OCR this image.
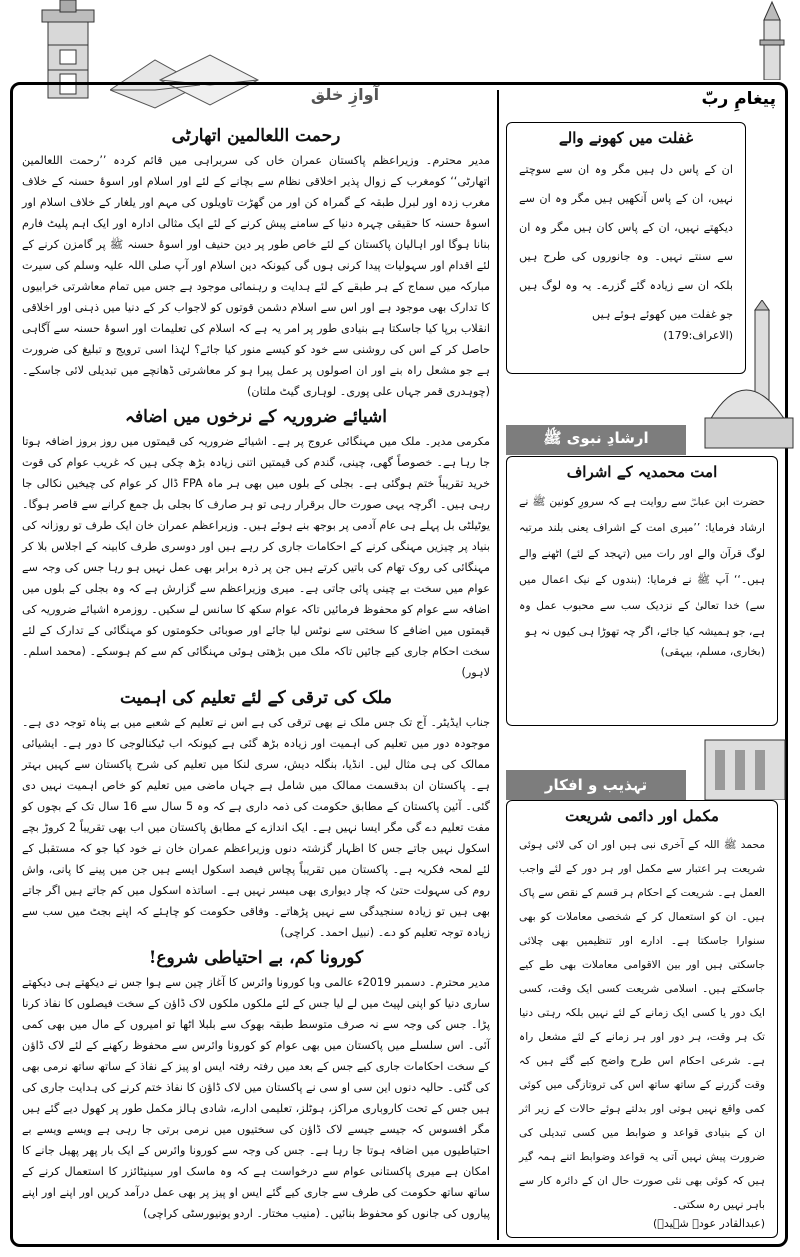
آوازِ خلق
رحمت اللعالمین اتھارٹی

مدیر محترم۔ وزیراعظم پاکستان عمران خاں کی سربراہی میں قائم کردہ ’’رحمت اللعالمین اتھارٹی‘‘ کومغرب کے زوال پذیر اخلاقی نظام سے بچانے کے لئے اور اسلام اور اسوۂ حسنہ کے خلاف مغرب زدہ اور لبرل طبقہ کے گمراہ کن اور من گھڑت تاویلوں کی مہم اور یلغار کے خلاف اسلام اور اسوۂ حسنہ کا حقیقی چہرہ دنیا کے سامنے پیش کرنے کے لئے ایک مثالی ادارہ اور ایک اہم پلیٹ فارم بنانا ہوگا اور اہالیان پاکستان کے لئے خاص طور پر دین حنیف اور اسوۂ حسنہ ﷺ پر گامزن کرنے کے لئے اقدام اور سہولیات پیدا کرنی ہوں گی کیونکہ دین اسلام اور آپ صلی اللہ علیہ وسلم کی سیرت مبارکہ میں سماج کے ہر طبقے کے لئے ہدایت و رہنمائی موجود ہے جس میں تمام معاشرتی خرابیوں کا تدارک بھی موجود ہے اور اس سے اسلام دشمن قوتوں کو لاجواب کر کے دنیا میں ذہنی اور اخلاقی انقلاب برپا کیا جاسکتا ہے بنیادی طور پر امر یہ ہے کہ اسلام کی تعلیمات اور اسوۂ حسنہ سے آگاہی حاصل کر کے اس کی روشنی سے خود کو کیسے منور کیا جائے؟ لہٰذا اسی ترویج و تبلیغ کی ضرورت ہے جو مشعل راہ بنے اور ان اصولوں پر عمل پیرا ہو کر معاشرتی ڈھانچے میں تبدیلی لائی جاسکے۔ (چوہدری قمر جہاں علی پوری۔ لوہاری گیٹ ملتان)

اشیائے ضروریہ کے نرخوں میں اضافہ

مکرمی مدیر۔ ملک میں مہنگائی عروج پر ہے۔ اشیائے ضروریہ کی قیمتوں میں روز بروز اضافہ ہوتا جا رہا ہے۔ خصوصاً گھی، چینی، گندم کی قیمتیں اتنی زیادہ بڑھ چکی ہیں کہ غریب عوام کی قوت خرید تقریباً ختم ہوگئی ہے۔ بجلی کے بلوں میں بھی ہر ماہ FPA ڈال کر عوام کی چیخیں نکالی جا رہی ہیں۔ اگرچہ یہی صورت حال برقرار رہی تو ہر صارف کا بجلی بل جمع کرانے سے قاصر ہوگا۔ یوٹیلٹی بل پہلے ہی عام آدمی پر بوجھ بنے ہوئے ہیں۔ وزیراعظم عمران خان ایک طرف تو روزانہ کی بنیاد پر چیزیں مہنگی کرنے کے احکامات جاری کر رہے ہیں اور دوسری طرف کابینہ کے اجلاس بلا کر مہنگائی کی روک تھام کی باتیں کرتے ہیں جن پر ذرہ برابر بھی عمل نہیں ہو رہا جس کی وجہ سے عوام میں سخت بے چینی پائی جاتی ہے۔ میری وزیراعظم سے گزارش ہے کہ وہ بجلی کے بلوں میں اضافہ سے عوام کو محفوظ فرمائیں تاکہ عوام سکھ کا سانس لے سکیں۔ روزمرہ اشیائے ضروریہ کی قیمتوں میں اضافے کا سختی سے نوٹس لیا جائے اور صوبائی حکومتوں کو مہنگائی کے تدارک کے لئے سخت احکام جاری کیے جائیں تاکہ ملک میں بڑھتی ہوئی مہنگائی کم سے کم ہوسکے۔ (محمد اسلم۔ لاہور)

ملک کی ترقی کے لئے تعلیم کی اہمیت

جناب ایڈیٹر۔ آج تک جس ملک نے بھی ترقی کی ہے اس نے تعلیم کے شعبے میں بے پناہ توجہ دی ہے۔ موجودہ دور میں تعلیم کی اہمیت اور زیادہ بڑھ گئی ہے کیونکہ اب ٹیکنالوجی کا دور ہے۔ ایشیائی ممالک کی ہی مثال لیں۔ انڈیا، بنگلہ دیش، سری لنکا میں تعلیم کی شرح پاکستان سے کہیں بہتر ہے۔ پاکستان ان بدقسمت ممالک میں شامل ہے جہاں ماضی میں تعلیم کو خاص اہمیت نہیں دی گئی۔ آئین پاکستان کے مطابق حکومت کی ذمہ داری ہے کہ وہ 5 سال سے 16 سال تک کے بچوں کو مفت تعلیم دے گی مگر ایسا نہیں ہے۔ ایک اندازے کے مطابق پاکستان میں اب بھی تقریباً 2 کروڑ بچے اسکول نہیں جاتے جس کا اظہار گزشتہ دنوں وزیراعظم عمران خان نے خود کیا جو کہ مستقبل کے لئے لمحہ فکریہ ہے۔ پاکستان میں تقریباً پچاس فیصد اسکول ایسے ہیں جن میں پینے کا پانی، واش روم کی سہولت حتیٰ کہ چار دیواری بھی میسر نہیں ہے۔ اساتذہ اسکول میں کم جاتے ہیں اگر جاتے بھی ہیں تو زیادہ سنجیدگی سے نہیں پڑھاتے۔ وفاقی حکومت کو چاہئے کہ اپنے بجٹ میں سب سے زیادہ توجہ تعلیم کو دے۔ (نبیل احمد۔ کراچی)

کورونا کم، بے احتیاطی شروع!

مدیر محترم۔ دسمبر 2019ء عالمی وبا کورونا وائرس کا آغاز چین سے ہوا جس نے دیکھتے ہی دیکھتے ساری دنیا کو اپنی لپیٹ میں لے لیا جس کے لئے ملکوں ملکوں لاک ڈاؤن کے سخت فیصلوں کا نفاذ کرنا پڑا۔ جس کی وجہ سے نہ صرف متوسط طبقہ بھوک سے بلبلا اٹھا تو امیروں کے مال میں بھی کمی آئی۔ اس سلسلے میں پاکستان میں بھی عوام کو کورونا وائرس سے محفوظ رکھنے کے لئے لاک ڈاؤن کے سخت احکامات جاری کیے جس کے بعد میں رفتہ رفتہ ایس او پیز کے نفاذ کے ساتھ ساتھ نرمی بھی کی گئی۔ حالیہ دنوں این سی او سی نے پاکستان میں لاک ڈاؤن کا نفاذ ختم کرنے کی ہدایت جاری کی ہیں جس کے تحت کاروباری مراکز، ہوٹلز، تعلیمی ادارے، شادی ہالز مکمل طور پر کھول دیے گئے ہیں مگر افسوس کہ جیسے جیسے لاک ڈاؤن کی سختیوں میں نرمی برتی جا رہی ہے ویسے ویسے بے احتیاطیوں میں اضافہ ہوتا جا رہا ہے۔ جس کی وجہ سے کورونا وائرس کے ایک بار پھر پھیل جانے کا امکان ہے میری پاکستانی عوام سے درخواست ہے کہ وہ ماسک اور سینیٹائزر کا استعمال کرنے کے ساتھ ساتھ حکومت کی طرف سے جاری کیے گئے ایس او پیز پر بھی عمل درآمد کریں اور اپنے اور اپنے پیاروں کی جانوں کو محفوظ بنائیں۔ (منیب مختار۔ اردو یونیورسٹی کراچی)

پیغامِ ربّ
غفلت میں کھونے والے
ان کے پاس دل ہیں مگر وہ ان سے سوچتے نہیں، ان کے پاس آنکھیں ہیں مگر وہ ان سے دیکھتے نہیں، ان کے پاس کان ہیں مگر وہ ان سے سنتے نہیں۔ وہ جانوروں کی طرح ہیں بلکہ ان سے زیادہ گئے گزرے۔ یہ وہ لوگ ہیں جو غفلت میں کھوئے ہوئے ہیں
(الاعراف:179)
ارشادِ نبوی ﷺ
امت محمدیہ کے اشراف
حضرت ابن عباسؓ سے روایت ہے کہ سرورِ کونین ﷺ نے ارشاد فرمایا: ’’میری امت کے اشراف یعنی بلند مرتبہ لوگ قرآن والے اور رات میں (تہجد کے لئے) اٹھنے والے ہیں۔‘‘ آپ ﷺ نے فرمایا: (بندوں کے نیک اعمال میں سے) خدا تعالیٰ کے نزدیک سب سے محبوب عمل وہ ہے، جو ہمیشہ کیا جائے، اگر چہ تھوڑا ہی کیوں نہ ہو
(بخاری، مسلم، بیہقی)
تہذیب و افکار
مکمل اور دائمی شریعت
محمد ﷺ اللہ کے آخری نبی ہیں اور ان کی لائی ہوئی شریعت ہر اعتبار سے مکمل اور ہر دور کے لئے واجب العمل ہے۔ شریعت کے احکام ہر قسم کے نقص سے پاک ہیں۔ ان کو استعمال کر کے شخصی معاملات کو بھی سنوارا جاسکتا ہے۔ ادارے اور تنظیمیں بھی چلائی جاسکتی ہیں اور بین الاقوامی معاملات بھی طے کیے جاسکتے ہیں۔ اسلامی شریعت کسی ایک وقت، کسی ایک دور یا کسی ایک زمانے کے لئے نہیں بلکہ رہتی دنیا تک ہر وقت، ہر دور اور ہر زمانے کے لئے مشعل راہ ہے۔ شرعی احکام اس طرح واضح کیے گئے ہیں کہ وقت گزرنے کے ساتھ ساتھ اس کی تروتازگی میں کوئی کمی واقع نہیں ہوتی اور بدلتے ہوئے حالات کے زیر اثر ان کے بنیادی قواعد و ضوابط میں کسی تبدیلی کی ضرورت پیش نہیں آتی یہ قواعد وضوابط اتنے ہمہ گیر ہیں کہ کوئی بھی نئی صورت حال ان کے دائرہ کار سے باہر نہیں رہ سکتی۔
(عبدالقادر عودہ شہیدؒ)
